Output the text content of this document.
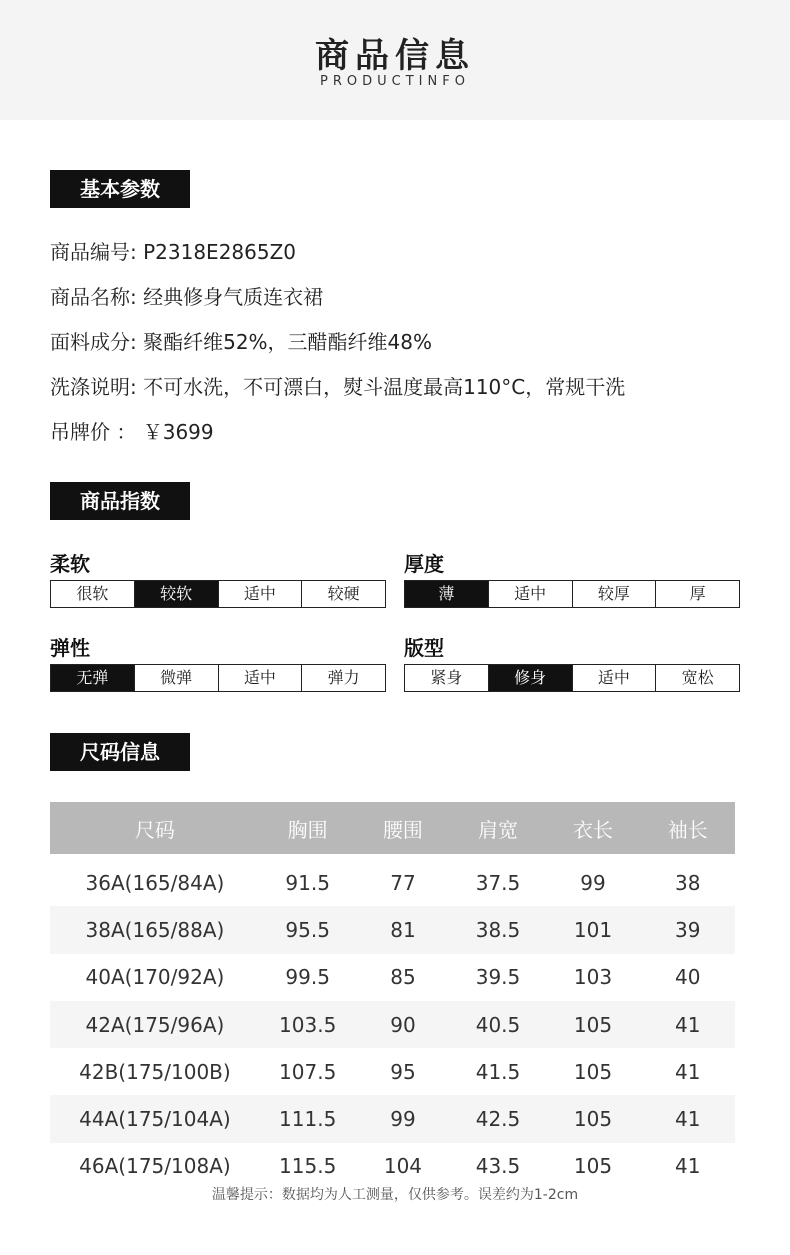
商品信息
PRODUCTINFO
基本参数
商品编号: P2318E2865Z0
商品名称: 经典修身气质连衣裙
面料成分: 聚酯纤维52%，三醋酯纤维48%
洗涤说明: 不可水洗，不可漂白，熨斗温度最高110°C，常规干洗
吊牌价 ： ￥3699
商品指数
柔软
很软	较软	适中	较硬
厚度
薄	适中	较厚	厚
弹性
无弹	微弹	适中	弹力
版型
紧身	修身	适中	宽松
尺码信息
尺码	胸围	腰围	肩宽	衣长	袖长
36A(165/84A)	91.5	77	37.5	99	38
38A(165/88A)	95.5	81	38.5	101	39
40A(170/92A)	99.5	85	39.5	103	40
42A(175/96A)	103.5	90	40.5	105	41
42B(175/100B)	107.5	95	41.5	105	41
44A(175/104A)	111.5	99	42.5	105	41
46A(175/108A)	115.5	104	43.5	105	41
温馨提示：数据均为人工测量，仅供参考。误差约为1-2cm
